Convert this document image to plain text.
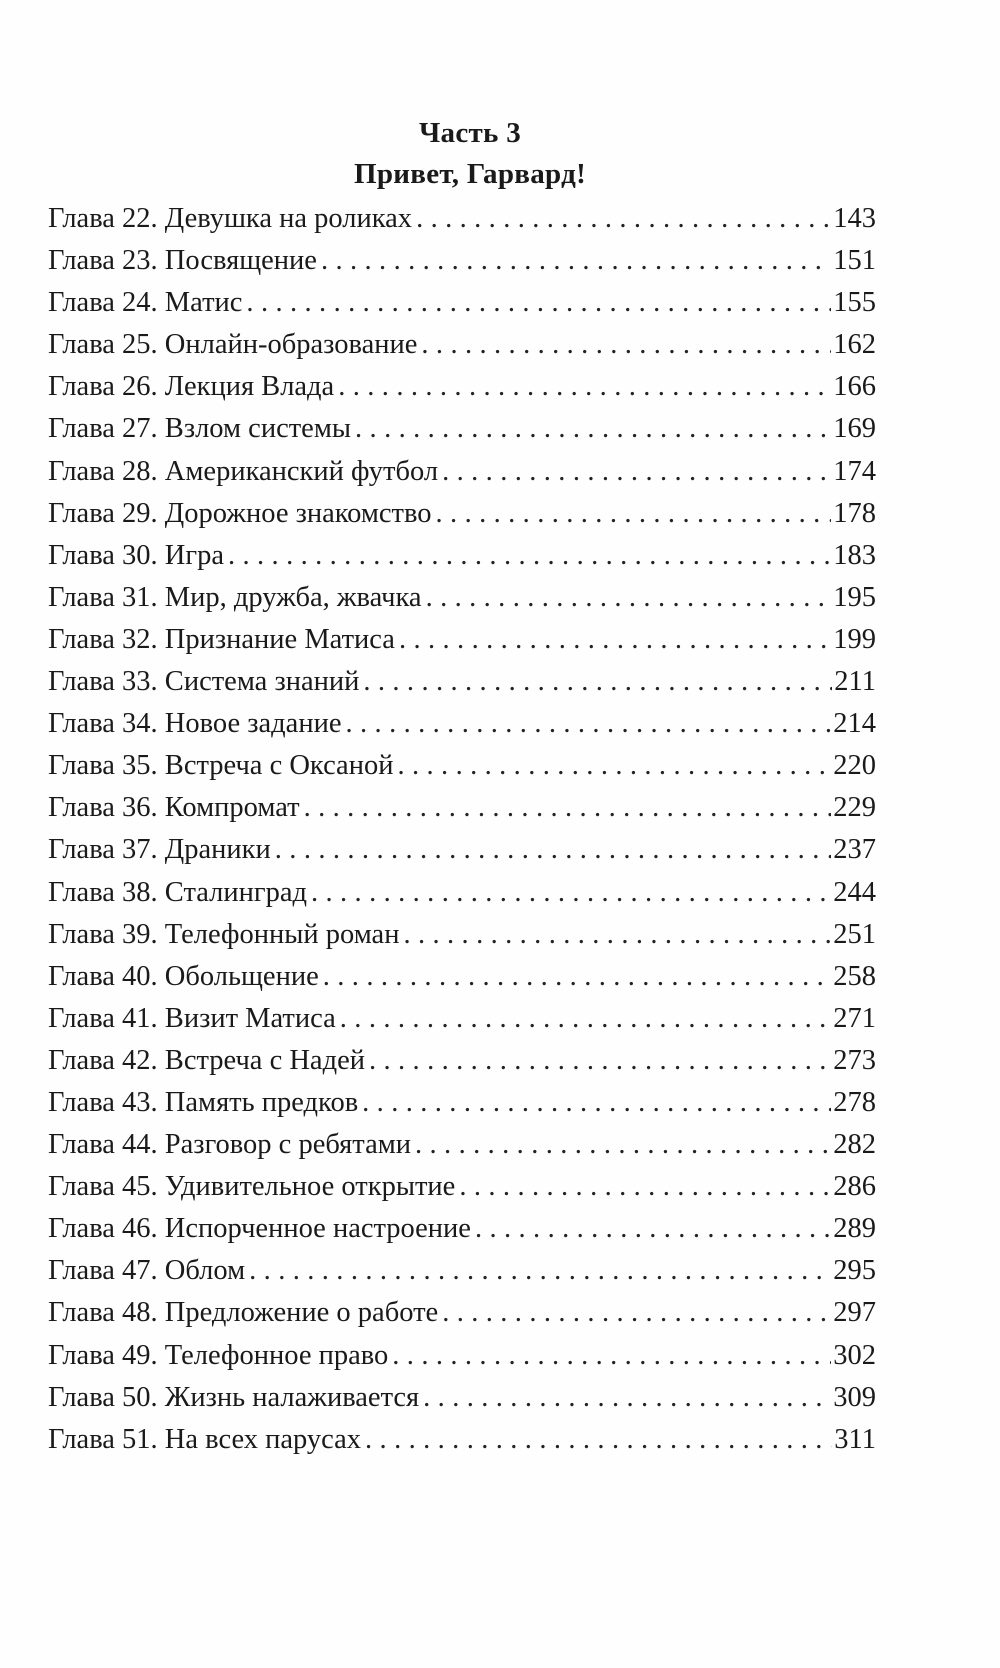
Часть 3
Привет, Гарвард!
Глава 22. Девушка на роликах .....	143
Глава 23. Посвящение .....	151
Глава 24. Матис .....	155
Глава 25. Онлайн-образование .....	162
Глава 26. Лекция Влада .....	166
Глава 27. Взлом системы .....	169
Глава 28. Американский футбол .....	174
Глава 29. Дорожное знакомство .....	178
Глава 30. Игра .....	183
Глава 31. Мир, дружба, жвачка .....	195
Глава 32. Признание Матиса .....	199
Глава 33. Система знаний .....	211
Глава 34. Новое задание .....	214
Глава 35. Встреча с Оксаной .....	220
Глава 36. Компромат .....	229
Глава 37. Драники .....	237
Глава 38. Сталинград .....	244
Глава 39. Телефонный роман .....	251
Глава 40. Обольщение .....	258
Глава 41. Визит Матиса .....	271
Глава 42. Встреча с Надей .....	273
Глава 43. Память предков .....	278
Глава 44. Разговор с ребятами .....	282
Глава 45. Удивительное открытие .....	286
Глава 46. Испорченное настроение .....	289
Глава 47. Облом .....	295
Глава 48. Предложение о работе .....	297
Глава 49. Телефонное право .....	302
Глава 50. Жизнь налаживается .....	309
Глава 51. На всех парусах .....	311
